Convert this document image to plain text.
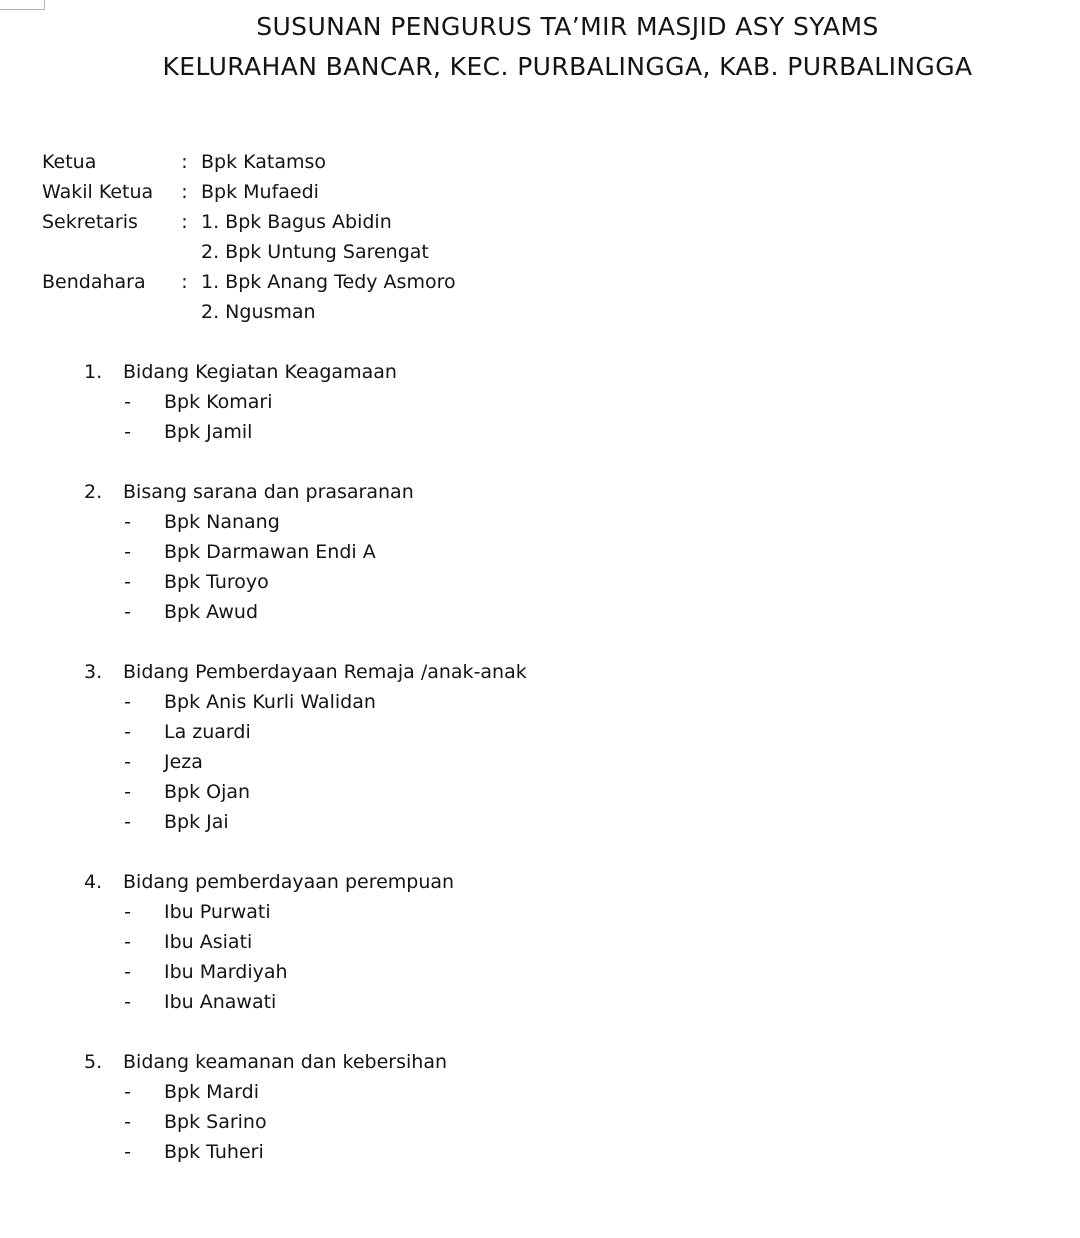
SUSUNAN PENGURUS TA’MIR MASJID ASY SYAMS
KELURAHAN BANCAR, KEC. PURBALINGGA, KAB. PURBALINGGA
Ketua	: Bpk Katamso
Wakil Ketua	: Bpk Mufaedi
Sekretaris	: 1. Bpk Bagus Abidin
2. Bpk Untung Sarengat
Bendahara	: 1. Bpk Anang Tedy Asmoro
2. Ngusman
1.	Bidang Kegiatan Keagamaan
-	Bpk Komari
-	Bpk Jamil
2.	Bisang sarana dan prasaranan
-	Bpk Nanang
-	Bpk Darmawan Endi A
-	Bpk Turoyo
-	Bpk Awud
3.	Bidang Pemberdayaan Remaja /anak-anak
-	Bpk Anis Kurli Walidan
-	La zuardi
-	Jeza
-	Bpk Ojan
-	Bpk Jai
4.	Bidang pemberdayaan perempuan
-	Ibu Purwati
-	Ibu Asiati
-	Ibu Mardiyah
-	Ibu Anawati
5.	Bidang keamanan dan kebersihan
-	Bpk Mardi
-	Bpk Sarino
-	Bpk Tuheri
